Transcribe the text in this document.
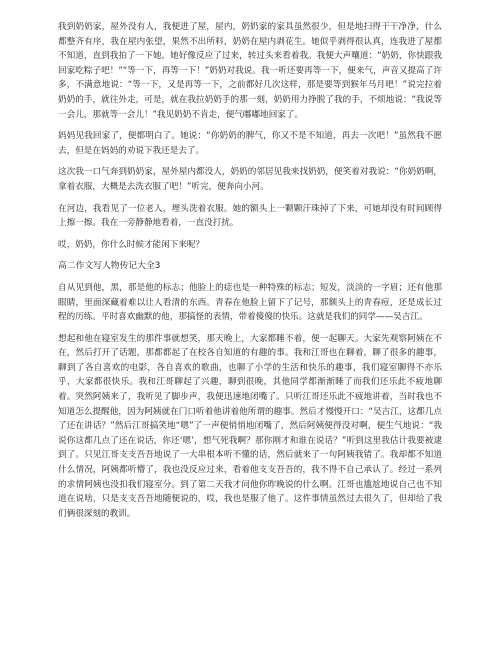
我到奶奶家，屋外没有人，我便进了屋，屋内，奶奶家的家具虽然很少，但是地扫得干干净净，什么都整齐有序，我在屋内张望，果然不出所料，奶奶在屋内剥花生。她似乎剥得很认真，连我进了屋都不知道，直到我拍了一下她。她好像反应了过来，转过头来看着我。我便大声嚷道：“奶奶，你快跟我回家吃粽子吧！”“等一下，再等一下！”奶奶对我说。我一听还要再等一下，便来气，声音又提高了许多，不满意地说：“等一下，又是再等一下，之前都好几次这样，那是要等到猴年马月吧！”说完拉着奶奶的手，就往外走，可是，就在我拉奶奶手的那一刻，奶奶用力挣脱了我的手，不烦地说：“我说等一会儿，那就等一会儿！”我见奶奶不肯走，便气嘟嘟地回家了。

妈妈见我回家了，便都明白了。她说：“你奶奶的脾气，你又不是不知道，再去一次吧！”虽然我不愿去，但是在妈妈的劝说下我还是去了。

这次我一口气奔到奶奶家，屋外屋内都没人，奶奶的邻居见我来找奶奶，便笑着对我说：“你奶奶啊，拿着衣服，大概是去洗衣服了吧！”听完，便奔向小河。

在河边，我看见了一位老人，埋头洗着衣服。她的额头上一颗颗汗珠掉了下来，可她却没有时间顾得上擦一擦。我在一旁静静地看着，一直没打扰。

哎，奶奶，你什么时候才能闲下来呢？

高二作文写人物传记大全3

自从见到他，黑，那是他的标志；他脸上的痣也是一种特殊的标志；短发，淡淡的一字眉；还有他那眼睛，里面深藏着难以让人看清的东西。青春在他脸上留下了记号，那额头上的青春痘，还是成长过程的历练。平时喜欢幽默的他，那搞怪的表情，带着傻傻的快乐。这就是我们的同学——吴吉江。

想起和他在寝室发生的那件事就想笑，那天晚上，大家都睡不着，便一起聊天。大家先观察阿姨在不在，然后打开了话题，那都都起了在校各自知道的有趣的事。我和江哥也在聊着，聊了很多的趣事，聊到了各自喜欢的电影，各自喜欢的歌曲，也聊了小学的生活和快乐的趣事，我们寝室聊得不亦乐乎，大家都很快乐。我和江哥聊起了兴趣，聊到很晚，其他同学都渐渐睡了而我们还乐此不疲地聊着。突然阿姨来了，我听见了脚步声，我便迅速地闭嘴了。只听江哥还乐此不疲地讲着，当时我也不知道怎么提醒他，因为阿姨就在门口听着他讲着他所谓的趣事。然后才慢慢开口：“吴吉江，这都几点了还在讲话？”然后江哥搞笑地“嗯”了一声便悄悄地闭嘴了，然后阿姨便得没对啊，便生气地说：“我说你这都几点了还在说话，你还‘嗯’，想气死我啊？那你刚才和谁在说话？”听到这里我估计我要被逮到了。只见江哥支支吾吾地说了一大串根本听不懂的话，然后就来了一句阿姨我错了。我却都不知道什么情况，阿姨都听懵了，我也没反应过来，看着他支支吾吾的，我不得不自己承认了。经过一系列的求情阿姨也没扣我们寝室分。到了第二天我才问他你昨晚说的什么啊。江哥也尴尬地说自己也不知道在说啥，只是支支吾吾地随便说的，哎，我也是服了他了。这件事情虽然过去很久了，但却给了我们俩很深刻的教训。
